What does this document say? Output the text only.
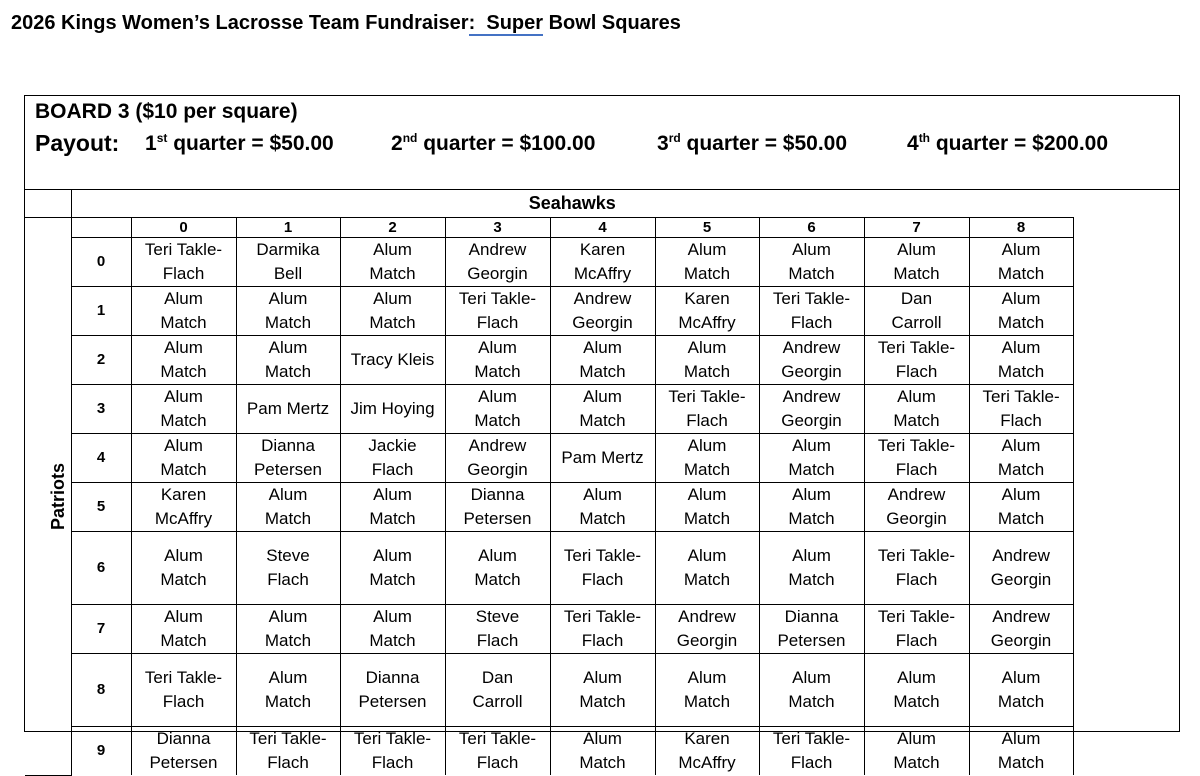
2026 Kings Women’s Lacrosse Team Fundraiser:  Super Bowl Squares
BOARD 3 ($10 per square)

Payout:

1st quarter = $50.00

	2nd quarter = $100.00

	3rd quarter = $50.00

	4th quarter = $200.00

	Seahawks										
Patriots		0	1	2	3	4	5	6	7	8	
	0	Teri Takle-
Flach	Darmika
Bell	Alum
Match	Andrew
Georgin	Karen
McAffry	Alum
Match	Alum
Match	Alum
Match	Alum
Match	
	1	Alum
Match	Alum
Match	Alum
Match	Teri Takle-
Flach	Andrew
Georgin	Karen
McAffry	Teri Takle-
Flach	Dan
Carroll	Alum
Match	
	2	Alum
Match	Alum
Match	Tracy Kleis	Alum
Match	Alum
Match	Alum
Match	Andrew
Georgin	Teri Takle-
Flach	Alum
Match	
	3	Alum
Match	Pam Mertz	Jim Hoying	Alum
Match	Alum
Match	Teri Takle-
Flach	Andrew
Georgin	Alum
Match	Teri Takle-
Flach	
	4	Alum
Match	Dianna
Petersen	Jackie
Flach	Andrew
Georgin	Pam Mertz	Alum
Match	Alum
Match	Teri Takle-
Flach	Alum
Match	
	5	Karen
McAffry	Alum
Match	Alum
Match	Dianna
Petersen	Alum
Match	Alum
Match	Alum
Match	Andrew
Georgin	Alum
Match	
	6	Alum
Match	Steve
Flach	Alum
Match	Alum
Match	Teri Takle-
Flach	Alum
Match	Alum
Match	Teri Takle-
Flach	Andrew
Georgin	
	7	Alum
Match	Alum
Match	Alum
Match	Steve
Flach	Teri Takle-
Flach	Andrew
Georgin	Dianna
Petersen	Teri Takle-
Flach	Andrew
Georgin	
	8	Teri Takle-
Flach	Alum
Match	Dianna
Petersen	Dan
Carroll	Alum
Match	Alum
Match	Alum
Match	Alum
Match	Alum
Match	
	9	Dianna
Petersen	Teri Takle-
Flach	Teri Takle-
Flach	Teri Takle-
Flach	Alum
Match	Karen
McAffry	Teri Takle-
Flach	Alum
Match	Alum
Match	
